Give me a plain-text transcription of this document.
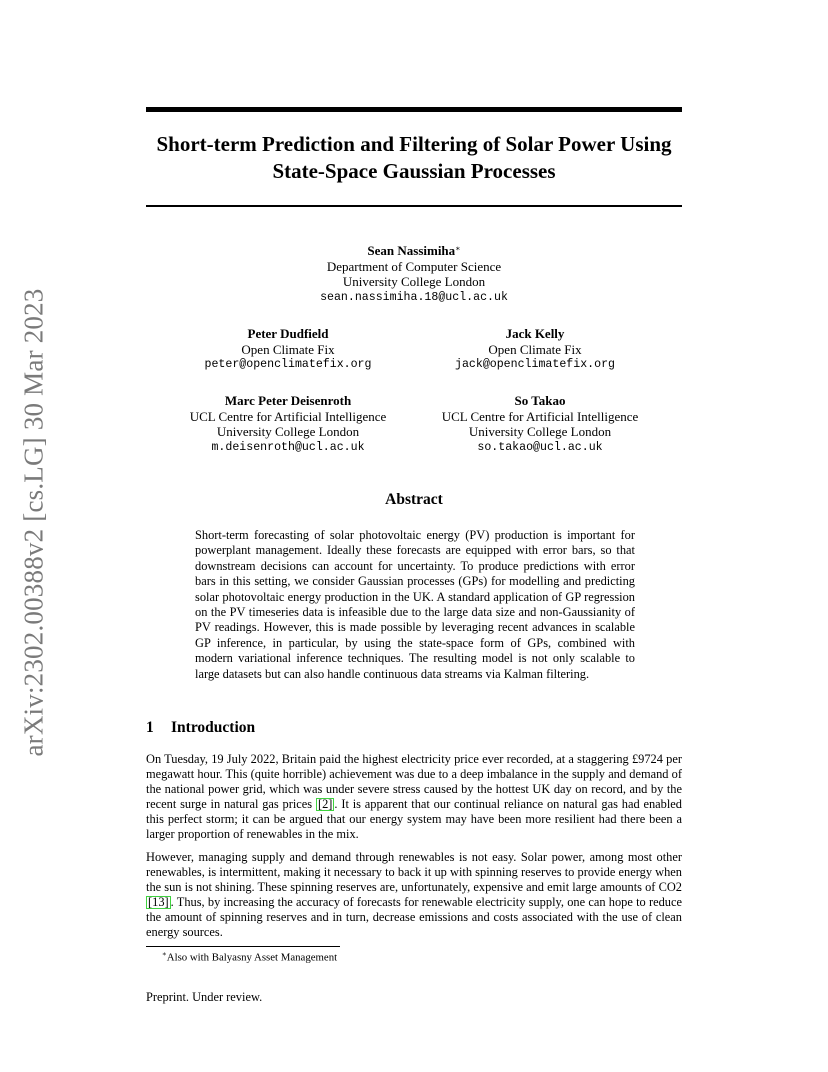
arXiv:2302.00388v2 [cs.LG] 30 Mar 2023
Short-term Prediction and Filtering of Solar Power Using State-Space Gaussian Processes
Sean Nassimiha∗
Department of Computer Science
University College London
sean.nassimiha.18@ucl.ac.uk
Peter Dudfield
Open Climate Fix
peter@openclimatefix.org
Jack Kelly
Open Climate Fix
jack@openclimatefix.org
Marc Peter Deisenroth
UCL Centre for Artificial Intelligence
University College London
m.deisenroth@ucl.ac.uk
So Takao
UCL Centre for Artificial Intelligence
University College London
so.takao@ucl.ac.uk
Abstract

Short-term forecasting of solar photovoltaic energy (PV) production is important for powerplant management. Ideally these forecasts are equipped with error bars, so that downstream decisions can account for uncertainty. To produce predictions with error bars in this setting, we consider Gaussian processes (GPs) for modelling and predicting solar photovoltaic energy production in the UK. A standard application of GP regression on the PV timeseries data is infeasible due to the large data size and non-Gaussianity of PV readings. However, this is made possible by leveraging recent advances in scalable GP inference, in particular, by using the state-space form of GPs, combined with modern variational inference techniques. The resulting model is not only scalable to large datasets but can also handle continuous data streams via Kalman filtering.

1 Introduction

On Tuesday, 19 July 2022, Britain paid the highest electricity price ever recorded, at a staggering £9724 per megawatt hour. This (quite horrible) achievement was due to a deep imbalance in the supply and demand of the national power grid, which was under severe stress caused by the hottest UK day on record, and by the recent surge in natural gas prices [2] . It is apparent that our continual reliance on natural gas had enabled this perfect storm; it can be argued that our energy system may have been more resilient had there been a larger proportion of renewables in the mix.

However, managing supply and demand through renewables is not easy. Solar power, among most other renewables, is intermittent, making it necessary to back it up with spinning reserves to provide energy when the sun is not shining. These spinning reserves are, unfortunately, expensive and emit large amounts of CO2 [13] . Thus, by increasing the accuracy of forecasts for renewable electricity supply, one can hope to reduce the amount of spinning reserves and in turn, decrease emissions and costs associated with the use of clean energy sources.

∗Also with Balyasny Asset Management

Preprint. Under review.
